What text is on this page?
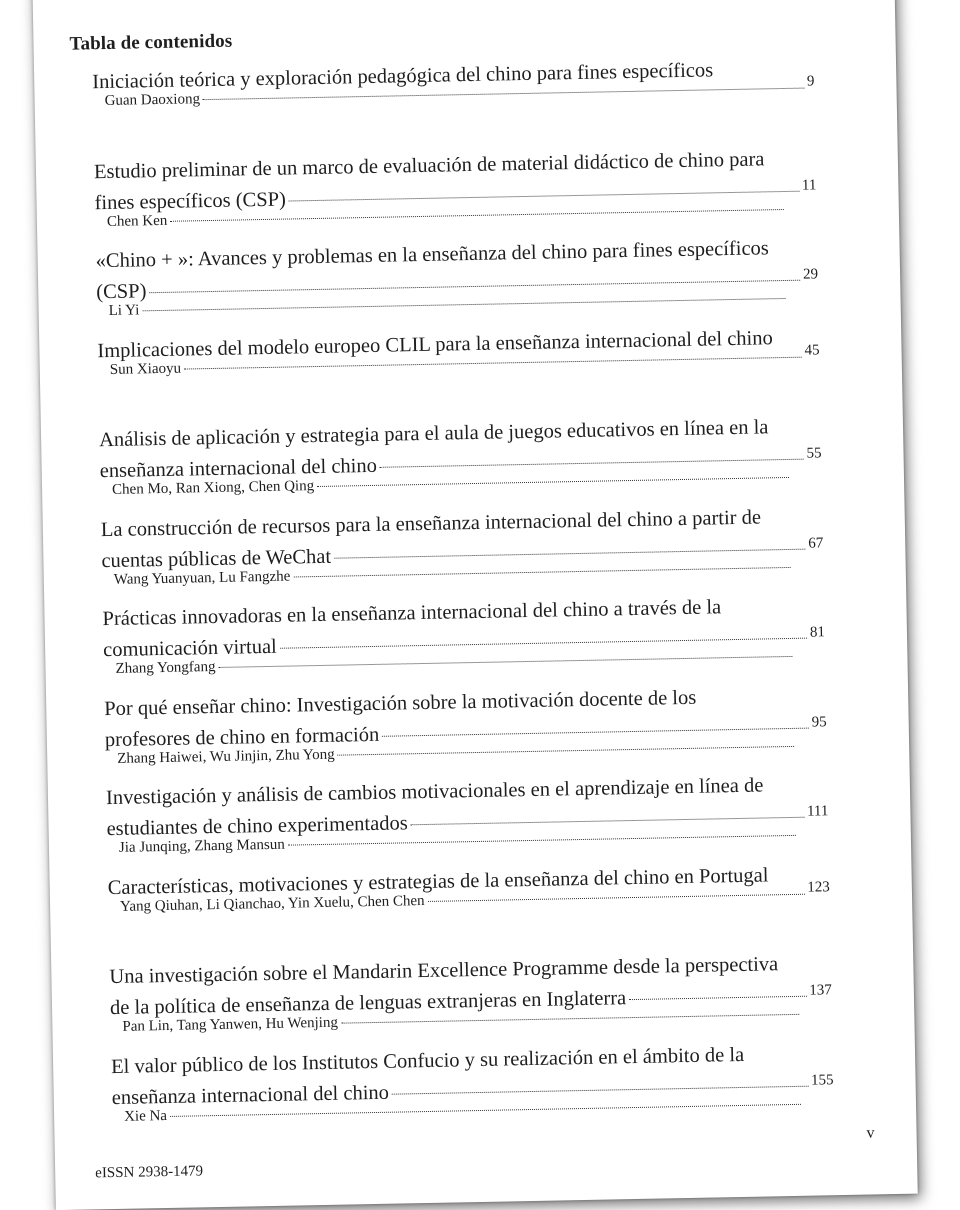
Tabla de contenidos
Iniciación teórica y exploración pedagógica del chino para fines específicos
Guan Daoxiong
9
Estudio preliminar de un marco de evaluación de material didáctico de chino para
fines específicos (CSP)
11
Chen Ken
«Chino + »: Avances y problemas en la enseñanza del chino para fines específicos
(CSP)
29
Li Yi
Implicaciones del modelo europeo CLIL para la enseñanza internacional del chino
Sun Xiaoyu
45
Análisis de aplicación y estrategia para el aula de juegos educativos en línea en la
enseñanza internacional del chino
55
Chen Mo, Ran Xiong, Chen Qing
La construcción de recursos para la enseñanza internacional del chino a partir de
cuentas públicas de WeChat
67
Wang Yuanyuan, Lu Fangzhe
Prácticas innovadoras en la enseñanza internacional del chino a través de la
comunicación virtual
81
Zhang Yongfang
Por qué enseñar chino: Investigación sobre la motivación docente de los
profesores de chino en formación
95
Zhang Haiwei, Wu Jinjin, Zhu Yong
Investigación y análisis de cambios motivacionales en el aprendizaje en línea de
estudiantes de chino experimentados
111
Jia Junqing, Zhang Mansun
Características, motivaciones y estrategias de la enseñanza del chino en Portugal
Yang Qiuhan, Li Qianchao, Yin Xuelu, Chen Chen
123
Una investigación sobre el Mandarin Excellence Programme desde la perspectiva
de la política de enseñanza de lenguas extranjeras en Inglaterra	137
Pan Lin, Tang Yanwen, Hu Wenjing
El valor público de los Institutos Confucio y su realización en el ámbito de la
enseñanza internacional del chino
155
Xie Na
v
eISSN 2938-1479
